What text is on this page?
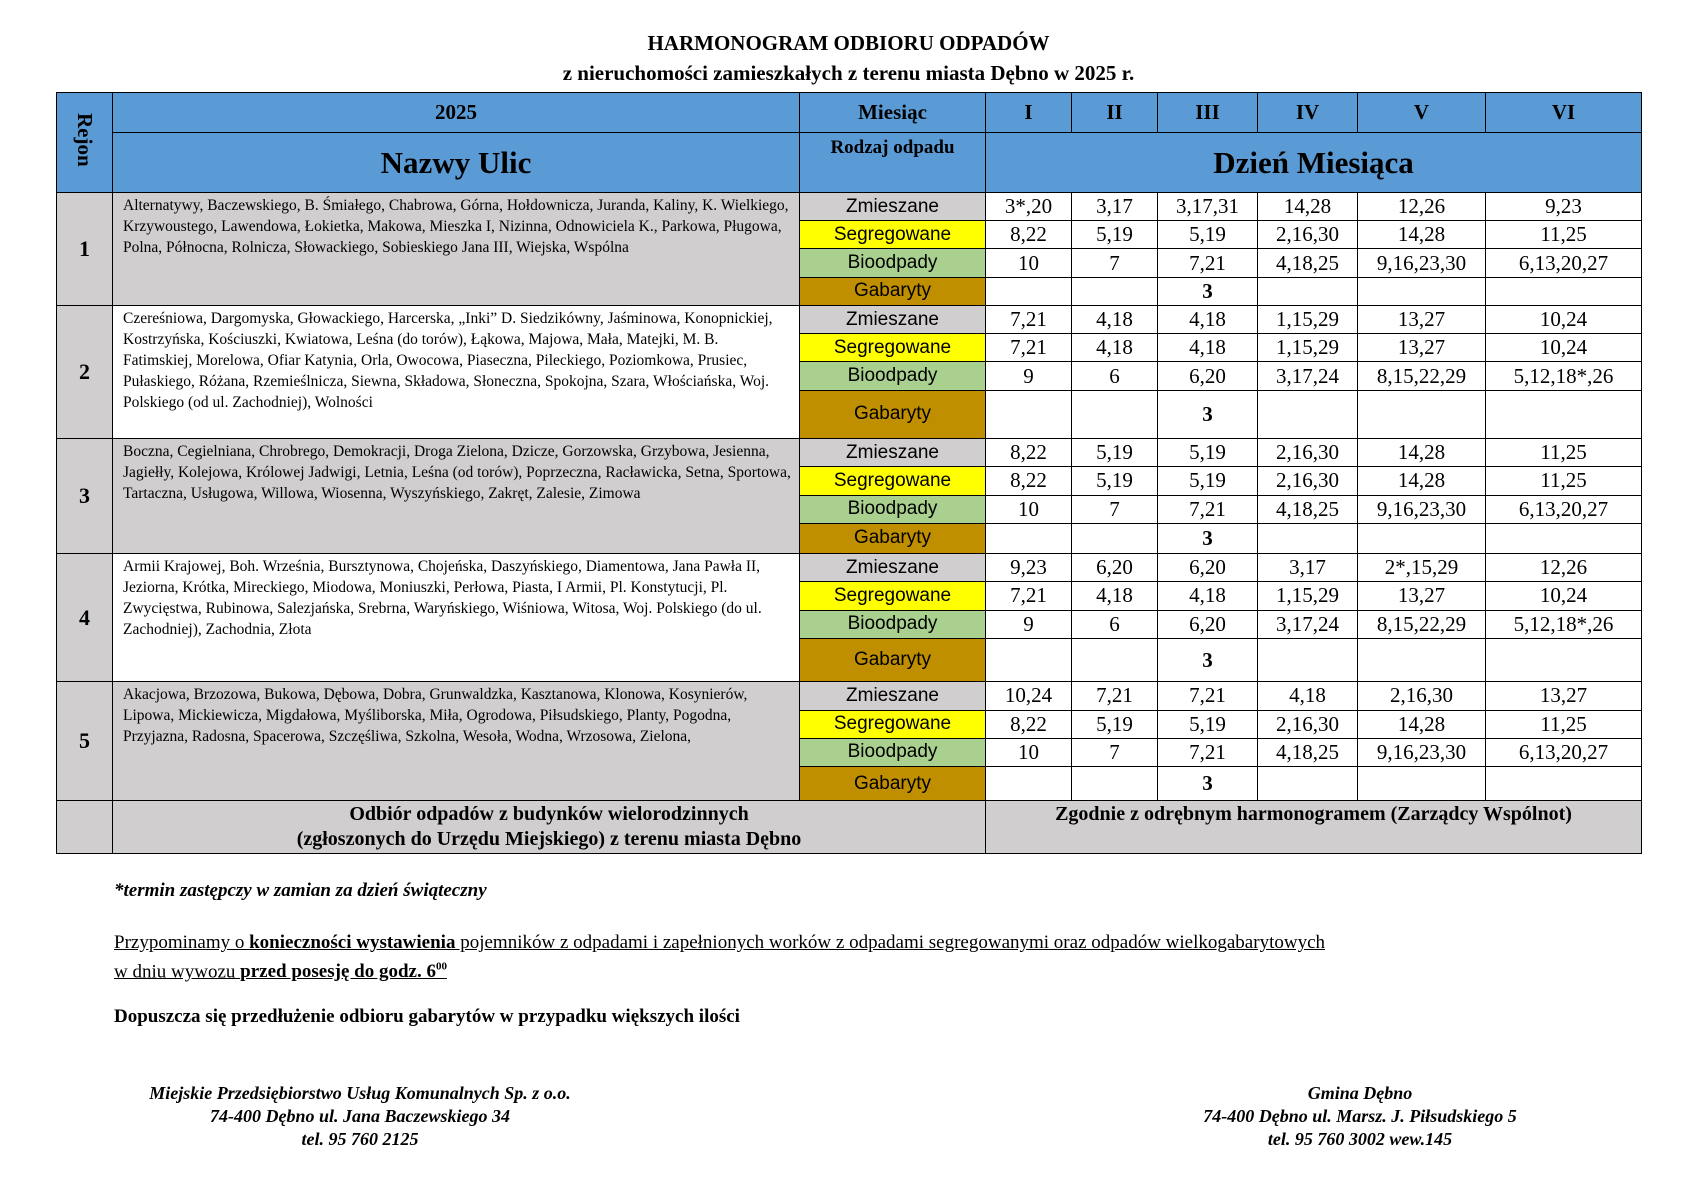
HARMONOGRAM ODBIORU ODPADÓW
z nieruchomości zamieszkałych z terenu miasta Dębno w 2025 r.
Rejon	2025	Miesiąc	I	II	III	IV	V	VI
	Nazwy Ulic	Rodzaj odpadu	Dzień Miesiąca					
1	Alternatywy, Baczewskiego, B. Śmiałego, Chabrowa, Górna, Hołdownicza, Juranda, Kaliny, K. Wielkiego, Krzywoustego, Lawendowa, Łokietka, Makowa, Mieszka I, Nizinna, Odnowiciela K., Parkowa, Pługowa, Polna, Północna, Rolnicza, Słowackiego, Sobieskiego Jana III, Wiejska, Wspólna	Zmieszane	3*,20	3,17	3,17,31	14,28	12,26	9,23
		Segregowane	8,22	5,19	5,19	2,16,30	14,28	11,25
		Bioodpady	10	7	7,21	4,18,25	9,16,23,30	6,13,20,27
		Gabaryty			3			
2	Czereśniowa, Dargomyska, Głowackiego, Harcerska, „Inki” D. Siedzikówny, Jaśminowa, Konopnickiej, Kostrzyńska, Kościuszki, Kwiatowa, Leśna (do torów), Łąkowa, Majowa, Mała, Matejki, M. B. Fatimskiej, Morelowa, Ofiar Katynia, Orla, Owocowa, Piaseczna, Pileckiego, Poziomkowa, Prusiec, Pułaskiego, Różana, Rzemieślnicza, Siewna, Składowa, Słoneczna, Spokojna, Szara, Włościańska, Woj. Polskiego (od ul. Zachodniej), Wolności	Zmieszane	7,21	4,18	4,18	1,15,29	13,27	10,24
		Segregowane	7,21	4,18	4,18	1,15,29	13,27	10,24
		Bioodpady	9	6	6,20	3,17,24	8,15,22,29	5,12,18*,26
		Gabaryty			3			
3	Boczna, Cegielniana, Chrobrego, Demokracji, Droga Zielona, Dzicze, Gorzowska, Grzybowa, Jesienna, Jagiełły, Kolejowa, Królowej Jadwigi, Letnia, Leśna (od torów), Poprzeczna, Racławicka, Setna, Sportowa, Tartaczna, Usługowa, Willowa, Wiosenna, Wyszyńskiego, Zakręt, Zalesie, Zimowa	Zmieszane	8,22	5,19	5,19	2,16,30	14,28	11,25
		Segregowane	8,22	5,19	5,19	2,16,30	14,28	11,25
		Bioodpady	10	7	7,21	4,18,25	9,16,23,30	6,13,20,27
		Gabaryty			3			
4	Armii Krajowej, Boh. Września, Bursztynowa, Chojeńska, Daszyńskiego, Diamentowa, Jana Pawła II, Jeziorna, Krótka, Mireckiego, Miodowa, Moniuszki, Perłowa, Piasta, I Armii, Pl. Konstytucji, Pl. Zwycięstwa, Rubinowa, Salezjańska, Srebrna, Waryńskiego, Wiśniowa, Witosa, Woj. Polskiego (do ul. Zachodniej), Zachodnia, Złota	Zmieszane	9,23	6,20	6,20	3,17	2*,15,29	12,26
		Segregowane	7,21	4,18	4,18	1,15,29	13,27	10,24
		Bioodpady	9	6	6,20	3,17,24	8,15,22,29	5,12,18*,26
		Gabaryty			3			
5	Akacjowa, Brzozowa, Bukowa, Dębowa, Dobra, Grunwaldzka, Kasztanowa, Klonowa, Kosynierów, Lipowa, Mickiewicza, Migdałowa, Myśliborska, Miła, Ogrodowa, Piłsudskiego, Planty, Pogodna, Przyjazna, Radosna, Spacerowa, Szczęśliwa, Szkolna, Wesoła, Wodna, Wrzosowa, Zielona,	Zmieszane	10,24	7,21	7,21	4,18	2,16,30	13,27
		Segregowane	8,22	5,19	5,19	2,16,30	14,28	11,25
		Bioodpady	10	7	7,21	4,18,25	9,16,23,30	6,13,20,27
		Gabaryty			3			

	Odbiór odpadów z budynków wielorodzinnych
(zgłoszonych do Urzędu Miejskiego) z terenu miasta Dębno		Zgodnie z odrębnym harmonogramem (Zarządcy Wspólnot)					
*termin zastępczy w zamian za dzień świąteczny
Przypominamy o konieczności wystawienia pojemników z odpadami i zapełnionych worków z odpadami segregowanymi oraz odpadów wielkogabarytowych
w dniu wywozu przed posesję do godz. $6^{00}$
Dopuszcza się przedłużenie odbioru gabarytów w przypadku większych ilości
Miejskie Przedsiębiorstwo Usług Komunalnych Sp. z o.o.
74-400 Dębno ul. Jana Baczewskiego 34
tel. 95 760 2125
Gmina Dębno
74-400 Dębno ul. Marsz. J. Piłsudskiego 5
tel. 95 760 3002 wew.145
